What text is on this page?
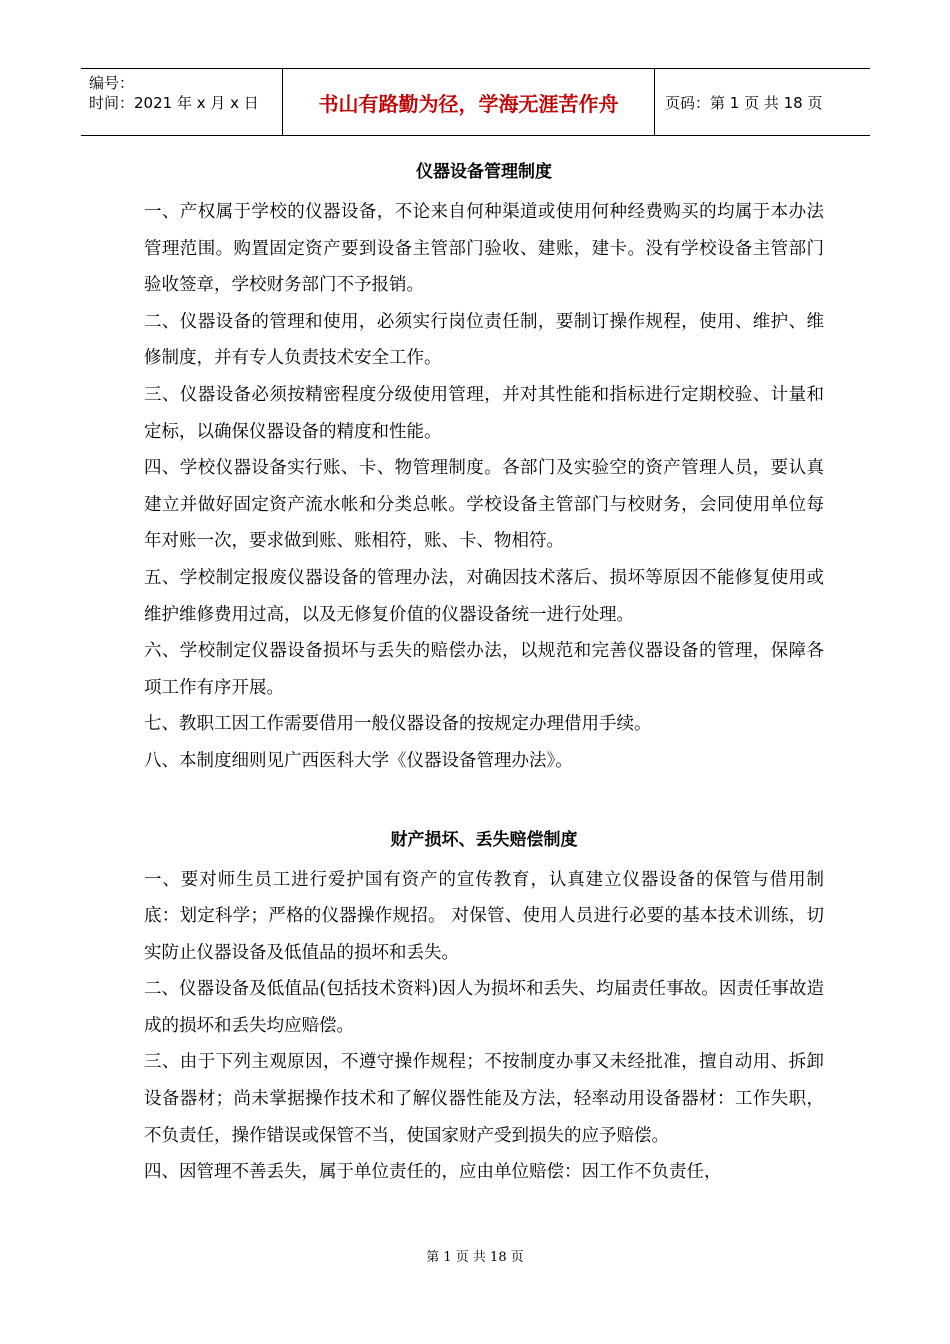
编号：
时间：2021 年 x 月 x 日	书山有路勤为径，学海无涯苦作舟	页码：第 1 页 共 18 页
仪器设备管理制度

一、产权属于学校的仪器设备，不论来自何种渠道或使用何种经费购买的均属于本办法管理范围。购置固定资产要到设备主管部门验收、建账，建卡。没有学校设备主管部门验收签章，学校财务部门不予报销。

二、仪器设备的管理和使用，必须实行岗位责任制，要制订操作规程，使用、维护、维修制度，并有专人负责技术安全工作。

三、仪器设备必须按精密程度分级使用管理，并对其性能和指标进行定期校验、计量和定标，以确保仪器设备的精度和性能。

四、学校仪器设备实行账、卡、物管理制度。各部门及实验空的资产管理人员，要认真建立并做好固定资产流水帐和分类总帐。学校设备主管部门与校财务，会同使用单位每年对账一次，要求做到账、账相符，账、卡、物相符。

五、学校制定报废仪器设备的管理办法，对确因技术落后、损坏等原因不能修复使用或维护维修费用过高，以及无修复价值的仪器设备统一进行处理。

六、学校制定仪器设备损坏与丢失的赔偿办法，以规范和完善仪器设备的管理，保障各项工作有序开展。

七、教职工因工作需要借用一般仪器设备的按规定办理借用手续。

八、本制度细则见广西医科大学《仪器设备管理办法》。

财产损坏、丢失赔偿制度

一、要对师生员工进行爱护国有资产的宣传教育，认真建立仪器设备的保管与借用制底：划定科学；严格的仪器操作规招。 对保管、使用人员进行必要的基本技术训练，切实防止仪器设备及低值品的损坏和丢失。

二、仪器设备及低值品(包括技术资料)因人为损坏和丢失、均届责任事故。因责任事故造成的损坏和丢失均应赔偿。

三、由于下列主观原因，不遵守操作规程；不按制度办事又未经批准，擅自动用、拆卸设备器材；尚未掌据操作技术和了解仪器性能及方法，轻率动用设备器材：工作失职，不负责任，操作错误或保管不当，使国家财产受到损失的应予赔偿。

四、因管理不善丢失，属于单位责任的，应由单位赔偿：因工作不负责任，

第 1 页 共 18 页
